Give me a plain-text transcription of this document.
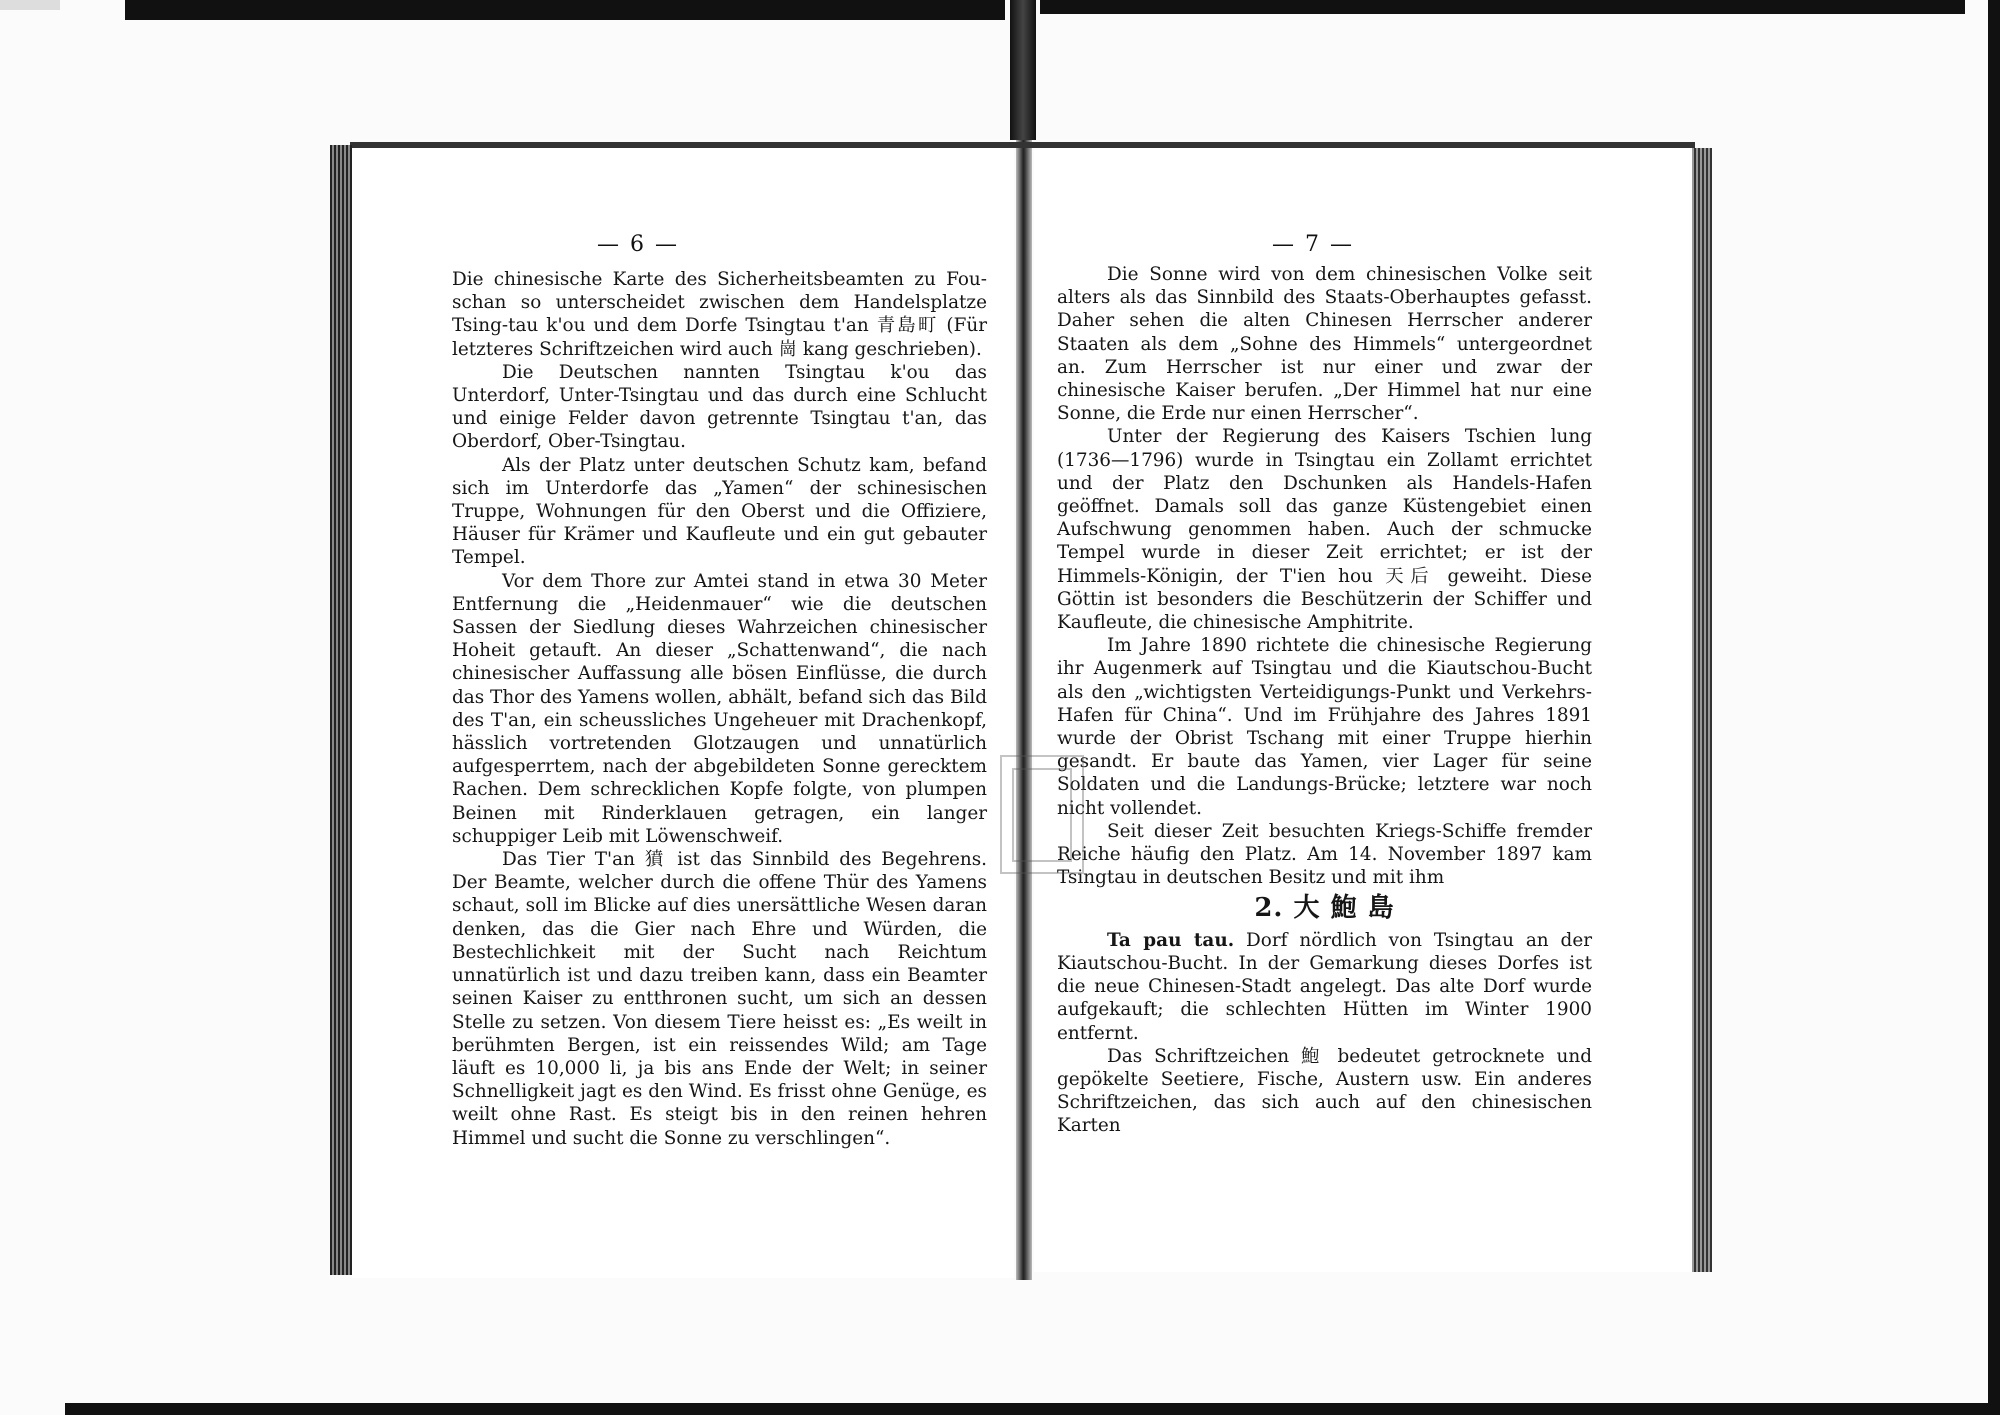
— 6 —

Die chinesische Karte des Sicherheitsbeamten zu Fou-schan so unterscheidet zwischen dem Handelsplatze Tsing-tau k'ou und dem Dorfe Tsingtau t'an 青島町 (Für letzteres Schriftzeichen wird auch 崗 kang geschrieben).

Die Deutschen nannten Tsingtau k'ou das Unterdorf, Unter-Tsingtau und das durch eine Schlucht und einige Felder davon getrennte Tsingtau t'an, das Oberdorf, Ober-Tsingtau.

Als der Platz unter deutschen Schutz kam, befand sich im Unterdorfe das „Yamen“ der schinesischen Truppe, Wohnungen für den Oberst und die Offiziere, Häuser für Krämer und Kaufleute und ein gut gebauter Tempel.

Vor dem Thore zur Amtei stand in etwa 30 Meter Entfernung die „Heidenmauer“ wie die deutschen Sassen der Siedlung dieses Wahrzeichen chinesischer Hoheit getauft. An dieser „Schattenwand“, die nach chinesischer Auffassung alle bösen Einflüsse, die durch das Thor des Yamens wollen, abhält, befand sich das Bild des T'an, ein scheussliches Ungeheuer mit Drachenkopf, hässlich vortretenden Glotzaugen und unnatürlich aufgesperrtem, nach der abgebildeten Sonne gerecktem Rachen. Dem schrecklichen Kopfe folgte, von plumpen Beinen mit Rinderklauen getragen, ein langer schuppiger Leib mit Löwenschweif.

Das Tier T'an 獖 ist das Sinnbild des Begehrens. Der Beamte, welcher durch die offene Thür des Yamens schaut, soll im Blicke auf dies unersättliche Wesen daran denken, das die Gier nach Ehre und Würden, die Bestechlichkeit mit der Sucht nach Reichtum unnatürlich ist und dazu treiben kann, dass ein Beamter seinen Kaiser zu entthronen sucht, um sich an dessen Stelle zu setzen. Von diesem Tiere heisst es: „Es weilt in berühmten Bergen, ist ein reissendes Wild; am Tage läuft es 10,000 li, ja bis ans Ende der Welt; in seiner Schnelligkeit jagt es den Wind. Es frisst ohne Genüge, es weilt ohne Rast. Es steigt bis in den reinen hehren Himmel und sucht die Sonne zu verschlingen“.

— 7 —

Die Sonne wird von dem chinesischen Volke seit alters als das Sinnbild des Staats-Oberhauptes gefasst. Daher sehen die alten Chinesen Herrscher anderer Staaten als dem „Sohne des Himmels“ untergeordnet an. Zum Herrscher ist nur einer und zwar der chinesische Kaiser berufen. „Der Himmel hat nur eine Sonne, die Erde nur einen Herrscher“.

Unter der Regierung des Kaisers Tschien lung (1736—1796) wurde in Tsingtau ein Zollamt errichtet und der Platz den Dschunken als Handels-Hafen geöffnet. Damals soll das ganze Küstengebiet einen Aufschwung genommen haben. Auch der schmucke Tempel wurde in dieser Zeit errichtet; er ist der Himmels-Königin, der T'ien hou 天后 geweiht. Diese Göttin ist besonders die Beschützerin der Schiffer und Kaufleute, die chinesische Amphitrite.

Im Jahre 1890 richtete die chinesische Regierung ihr Augenmerk auf Tsingtau und die Kiautschou-Bucht als den „wichtigsten Verteidigungs-Punkt und Verkehrs-Hafen für China“. Und im Frühjahre des Jahres 1891 wurde der Obrist Tschang mit einer Truppe hierhin gesandt. Er baute das Yamen, vier Lager für seine Soldaten und die Landungs-Brücke; letztere war noch nicht vollendet.

Seit dieser Zeit besuchten Kriegs-Schiffe fremder Reiche häufig den Platz. Am 14. November 1897 kam Tsingtau in deutschen Besitz und mit ihm

2. 大 鮑 島

Ta pau tau. Dorf nördlich von Tsingtau an der Kiautschou-Bucht. In der Gemarkung dieses Dorfes ist die neue Chinesen-Stadt angelegt. Das alte Dorf wurde aufgekauft; die schlechten Hütten im Winter 1900 entfernt.

Das Schriftzeichen 鮑 bedeutet getrocknete und gepökelte Seetiere, Fische, Austern usw. Ein anderes Schriftzeichen, das sich auch auf den chinesischen Karten
